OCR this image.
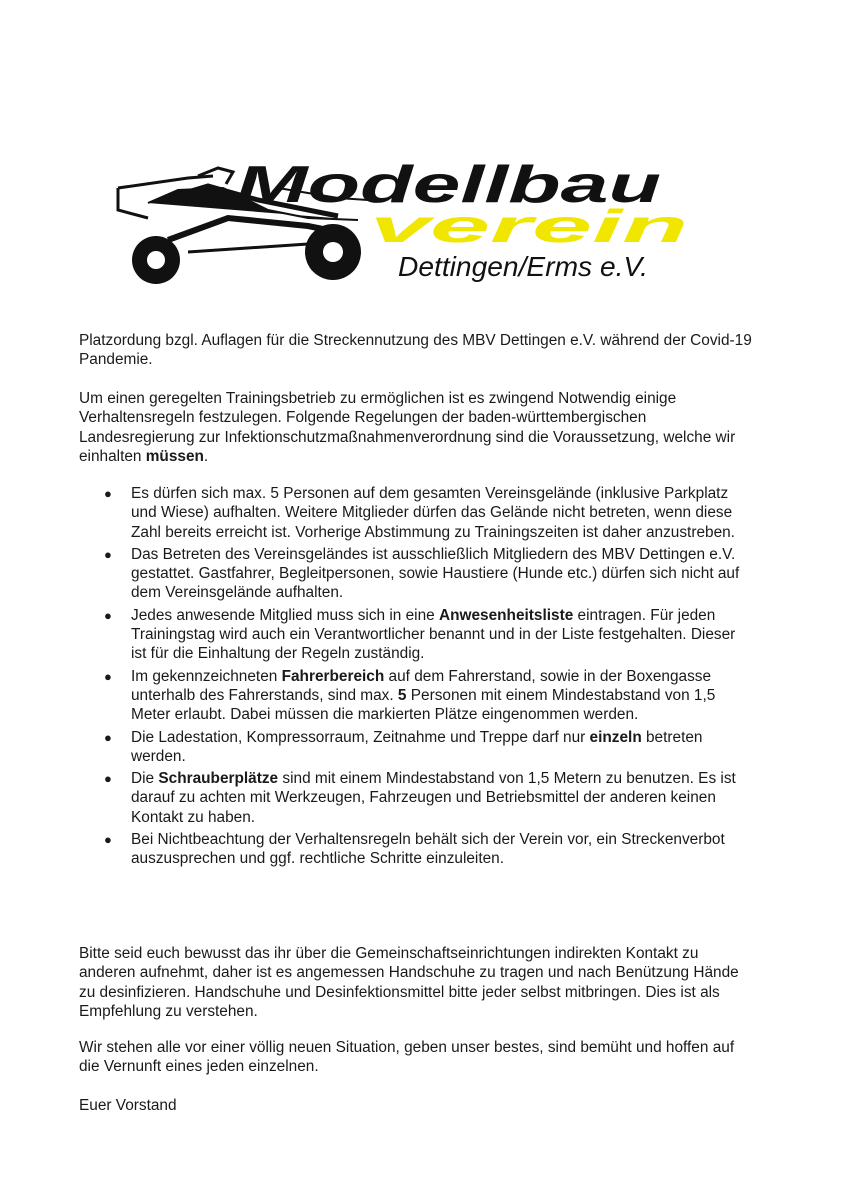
Modellbau
verein
Dettingen/Erms e.V.

Platzordung bzgl. Auflagen für die Streckennutzung des MBV Dettingen e.V. während der Covid-19 Pandemie.

Um einen geregelten Trainingsbetrieb zu ermöglichen ist es zwingend Notwendig einige Verhaltensregeln festzulegen. Folgende Regelungen der baden-württembergischen Landesregierung zur Infektionschutzmaßnahmenverordnung sind die Voraussetzung, welche wir einhalten müssen.

● Es dürfen sich max. 5 Personen auf dem gesamten Vereinsgelände (inklusive Parkplatz und Wiese) aufhalten. Weitere Mitglieder dürfen das Gelände nicht betreten, wenn diese Zahl bereits erreicht ist. Vorherige Abstimmung zu Trainingszeiten ist daher anzustreben.
● Das Betreten des Vereinsgeländes ist ausschließlich Mitgliedern des MBV Dettingen e.V. gestattet. Gastfahrer, Begleitpersonen, sowie Haustiere (Hunde etc.) dürfen sich nicht auf dem Vereinsgelände aufhalten.
● Jedes anwesende Mitglied muss sich in eine Anwesenheitsliste eintragen. Für jeden Trainingstag wird auch ein Verantwortlicher benannt und in der Liste festgehalten. Dieser ist für die Einhaltung der Regeln zuständig.
● Im gekennzeichneten Fahrerbereich auf dem Fahrerstand, sowie in der Boxengasse unterhalb des Fahrerstands, sind max. 5 Personen mit einem Mindestabstand von 1,5 Meter erlaubt. Dabei müssen die markierten Plätze eingenommen werden.
● Die Ladestation, Kompressorraum, Zeitnahme und Treppe darf nur einzeln betreten werden.
● Die Schrauberplätze sind mit einem Mindestabstand von 1,5 Metern zu benutzen. Es ist darauf zu achten mit Werkzeugen, Fahrzeugen und Betriebsmittel der anderen keinen Kontakt zu haben.
● Bei Nichtbeachtung der Verhaltensregeln behält sich der Verein vor, ein Streckenverbot auszusprechen und ggf. rechtliche Schritte einzuleiten.

Bitte seid euch bewusst das ihr über die Gemeinschaftseinrichtungen indirekten Kontakt zu anderen aufnehmt, daher ist es angemessen Handschuhe zu tragen und nach Benützung Hände zu desinfizieren. Handschuhe und Desinfektionsmittel bitte jeder selbst mitbringen. Dies ist als Empfehlung zu verstehen.

Wir stehen alle vor einer völlig neuen Situation, geben unser bestes, sind bemüht und hoffen auf die Vernunft eines jeden einzelnen.

Euer Vorstand
